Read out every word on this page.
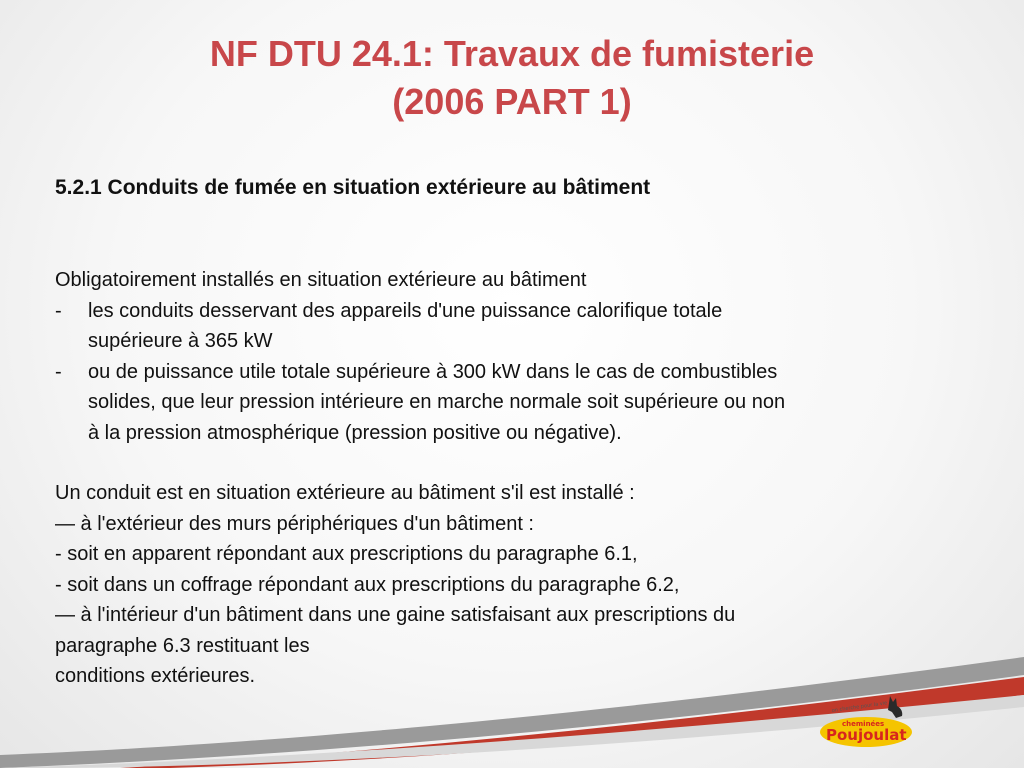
NF DTU 24.1: Travaux de fumisterie
(2006 PART 1)
5.2.1 Conduits de fumée en situation extérieure au bâtiment
Obligatoirement installés en situation extérieure au bâtiment
-	les conduits desservant des appareils d'une puissance calorifique totale
supérieure à 365 kW
-	ou de puissance utile totale supérieure à 300 kW dans le cas de combustibles
solides, que leur pression intérieure en marche normale soit supérieure ou non
à la pression atmosphérique (pression positive ou négative).
Un conduit est en situation extérieure au bâtiment s'il est installé :
— à l'extérieur des murs périphériques d'un bâtiment :
- soit en apparent répondant aux prescriptions du paragraphe 6.1,
- soit dans un coffrage répondant aux prescriptions du paragraphe 6.2,
— à l'intérieur d'un bâtiment dans une gaine satisfaisant aux prescriptions du
paragraphe 6.3 restituant les
conditions extérieures.
on cherche pour la vie
cheminées
Poujoulat
